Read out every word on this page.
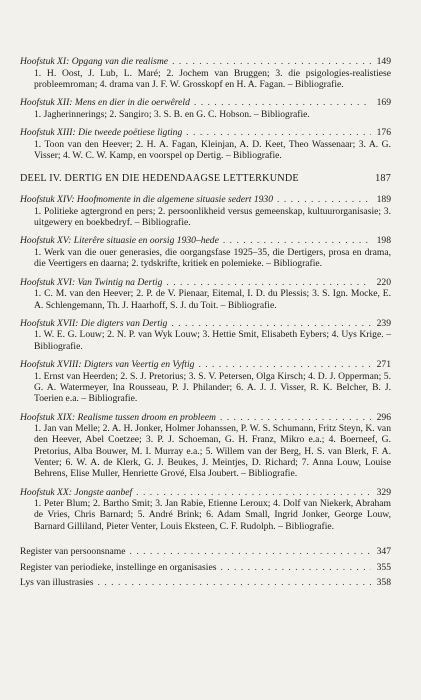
Hoofstuk XI: Opgang van die realisme . . .	149
1. H. Oost, J. Lub, L. Maré; 2. Jochem van Bruggen; 3. die psigologies-realistiese probleemroman; 4. drama van J. F. W. Grosskopf en H. A. Fagan. – Bibliografie.
Hoofstuk XII: Mens en dier in die oerwêreld . . .	169
1. Jagherinnerings; 2. Sangiro; 3. S. B. en G. C. Hobson. – Bibliografie.
Hoofstuk XIII: Die tweede poëtiese ligting . . .	176
1. Toon van den Heever; 2. H. A. Fagan, Kleinjan, A. D. Keet, Theo Wassenaar; 3. A. G. Visser; 4. W. C. W. Kamp, en voorspel op Dertig. – Bibliografie.
DEEL IV. DERTIG EN DIE HEDENDAAGSE LETTERKUNDE	187
Hoofstuk XIV: Hoofmomente in die algemene situasie sedert 1930 . . .	189
1. Politieke agtergrond en pers; 2. persoonlikheid versus gemeenskap, kultuurorganisasie; 3. uitgewery en boekbedryf. – Bibliografie.
Hoofstuk XV: Literêre situasie en oorsig 1930–hede . . .	198
1. Werk van die ouer generasies, die oorgangsfase 1925–35, die Dertigers, prosa en drama, die Veertigers en daarna; 2. tydskrifte, kritiek en polemieke. – Bibliografie.
Hoofstuk XVI: Van Twintig na Dertig . . .	220
1. C. M. van den Heever; 2. P. de V. Pienaar, Eitemal, I. D. du Plessis; 3. S. Ign. Mocke, E. A. Schlengemann, Th. J. Haarhoff, S. J. du Toit. – Bibliografie.
Hoofstuk XVII: Die digters van Dertig . . .	239
1. W. E. G. Louw; 2. N. P. van Wyk Louw; 3. Hettie Smit, Elisabeth Eybers; 4. Uys Krige. – Bibliografie.
Hoofstuk XVIII: Digters van Veertig en Vyftig . . .	271
1. Ernst van Heerden; 2. S. J. Pretorius; 3. S. V. Petersen, Olga Kirsch; 4. D. J. Opperman; 5. G. A. Watermeyer, Ina Rousseau, P. J. Philander; 6. A. J. J. Visser, R. K. Belcher, B. J. Toerien e.a. – Bibliografie.
Hoofstuk XIX: Realisme tussen droom en probleem . . .	296
1. Jan van Melle; 2. A. H. Jonker, Holmer Johanssen, P. W. S. Schumann, Fritz Steyn, K. van den Heever, Abel Coetzee; 3. P. J. Schoeman, G. H. Franz, Mikro e.a.; 4. Boerneef, G. Pretorius, Alba Bouwer, M. I. Murray e.a.; 5. Willem van der Berg, H. S. van Blerk, F. A. Venter; 6. W. A. de Klerk, G. J. Beukes, J. Meintjes, D. Richard; 7. Anna Louw, Louise Behrens, Elise Muller, Henriette Grové, Elsa Joubert. – Bibliografie.
Hoofstuk XX: Jongste aanbef . . .	329
1. Peter Blum; 2. Bartho Smit; 3. Jan Rabie, Etienne Leroux; 4. Dolf van Niekerk, Abraham de Vries, Chris Barnard; 5. André Brink; 6. Adam Small, Ingrid Jonker, George Louw, Barnard Gilliland, Pieter Venter, Louis Eksteen, C. F. Rudolph. – Bibliografie.
Register van persoonsname . . .	347
Register van periodieke, instellinge en organisasies . . .	355
Lys van illustrasies . . .	358
